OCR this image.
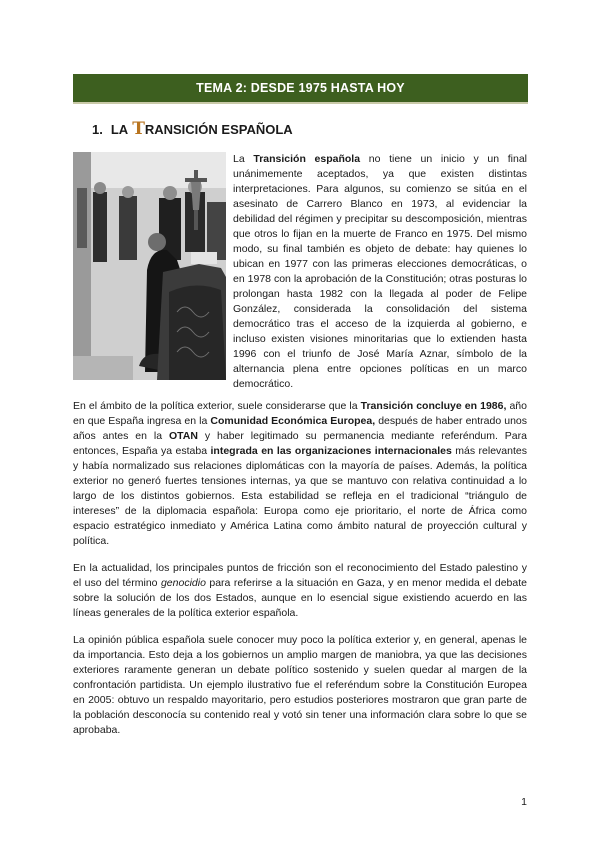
TEMA 2: DESDE 1975 HASTA HOY
1. LA T RANSICIÓN ESPAÑOLA

La Transición española no tiene un inicio y un final unánimemente aceptados, ya que existen distintas interpretaciones. Para algunos, su comienzo se sitúa en el asesinato de Carrero Blanco en 1973, al evidenciar la debilidad del régimen y precipitar su descomposición, mientras que otros lo fijan en la muerte de Franco en 1975. Del mismo modo, su final también es objeto de debate: hay quienes lo ubican en 1977 con las primeras elecciones democráticas, o en 1978 con la aprobación de la Constitución; otras posturas lo prolongan hasta 1982 con la llegada al poder de Felipe González, considerada la consolidación del sistema democrático tras el acceso de la izquierda al gobierno, e incluso existen visiones minoritarias que lo extienden hasta 1996 con el triunfo de José María Aznar, símbolo de la alternancia plena entre opciones políticas en un marco democrático.

En el ámbito de la política exterior, suele considerarse que la Transición concluye en 1986, año en que España ingresa en la Comunidad Económica Europea, después de haber entrado unos años antes en la OTAN y haber legitimado su permanencia mediante referéndum. Para entonces, España ya estaba integrada en las organizaciones internacionales más relevantes y había normalizado sus relaciones diplomáticas con la mayoría de países. Además, la política exterior no generó fuertes tensiones internas, ya que se mantuvo con relativa continuidad a lo largo de los distintos gobiernos. Esta estabilidad se refleja en el tradicional “triángulo de intereses” de la diplomacia española: Europa como eje prioritario, el norte de África como espacio estratégico inmediato y América Latina como ámbito natural de proyección cultural y política.

En la actualidad, los principales puntos de fricción son el reconocimiento del Estado palestino y el uso del término genocidio para referirse a la situación en Gaza, y en menor medida el debate sobre la solución de los dos Estados, aunque en lo esencial sigue existiendo acuerdo en las líneas generales de la política exterior española.

La opinión pública española suele conocer muy poco la política exterior y, en general, apenas le da importancia. Esto deja a los gobiernos un amplio margen de maniobra, ya que las decisiones exteriores raramente generan un debate político sostenido y suelen quedar al margen de la confrontación partidista. Un ejemplo ilustrativo fue el referéndum sobre la Constitución Europea en 2005: obtuvo un respaldo mayoritario, pero estudios posteriores mostraron que gran parte de la población desconocía su contenido real y votó sin tener una información clara sobre lo que se aprobaba.

1
